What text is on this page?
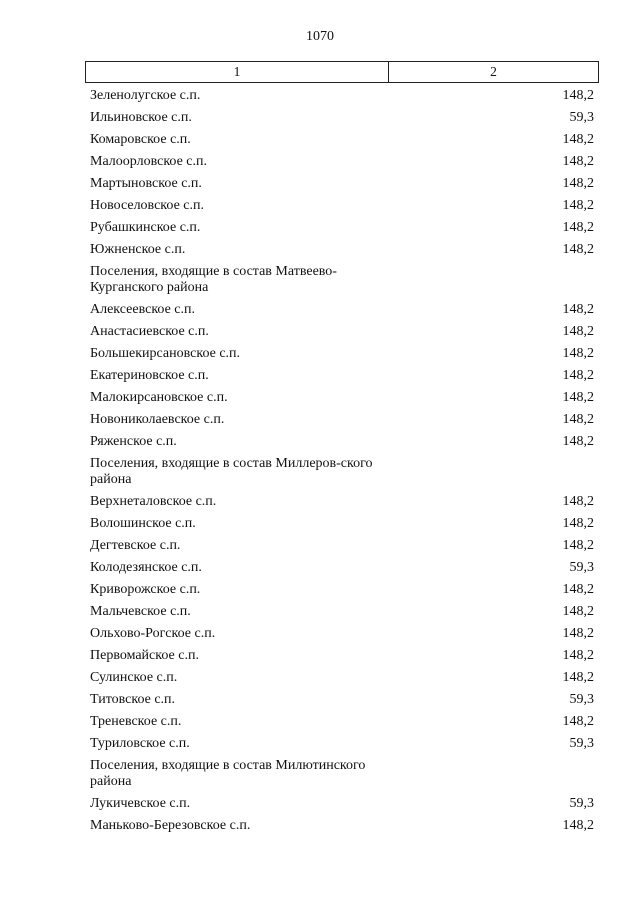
1070
1	2
Зеленолугское с.п.	148,2
Ильиновское с.п.	59,3
Комаровское с.п.	148,2
Малоорловское с.п.	148,2
Мартыновское с.п.	148,2
Новоселовское с.п.	148,2
Рубашкинское с.п.	148,2
Южненское с.п.	148,2
Поселения, входящие в состав Матвеево-Курганского района
Алексеевское с.п.	148,2
Анастасиевское с.п.	148,2
Большекирсановское с.п.	148,2
Екатериновское с.п.	148,2
Малокирсановское с.п.	148,2
Новониколаевское с.п.	148,2
Ряженское с.п.	148,2
Поселения, входящие в состав Миллеров-ского района
Верхнеталовское с.п.	148,2
Волошинское с.п.	148,2
Дегтевское с.п.	148,2
Колодезянское с.п.	59,3
Криворожское с.п.	148,2
Мальчевское с.п.	148,2
Ольхово-Рогское с.п.	148,2
Первомайское с.п.	148,2
Сулинское с.п.	148,2
Титовское с.п.	59,3
Треневское с.п.	148,2
Туриловское с.п.	59,3
Поселения, входящие в состав Милютинского района
Лукичевское с.п.	59,3
Маньково-Березовское с.п.	148,2
